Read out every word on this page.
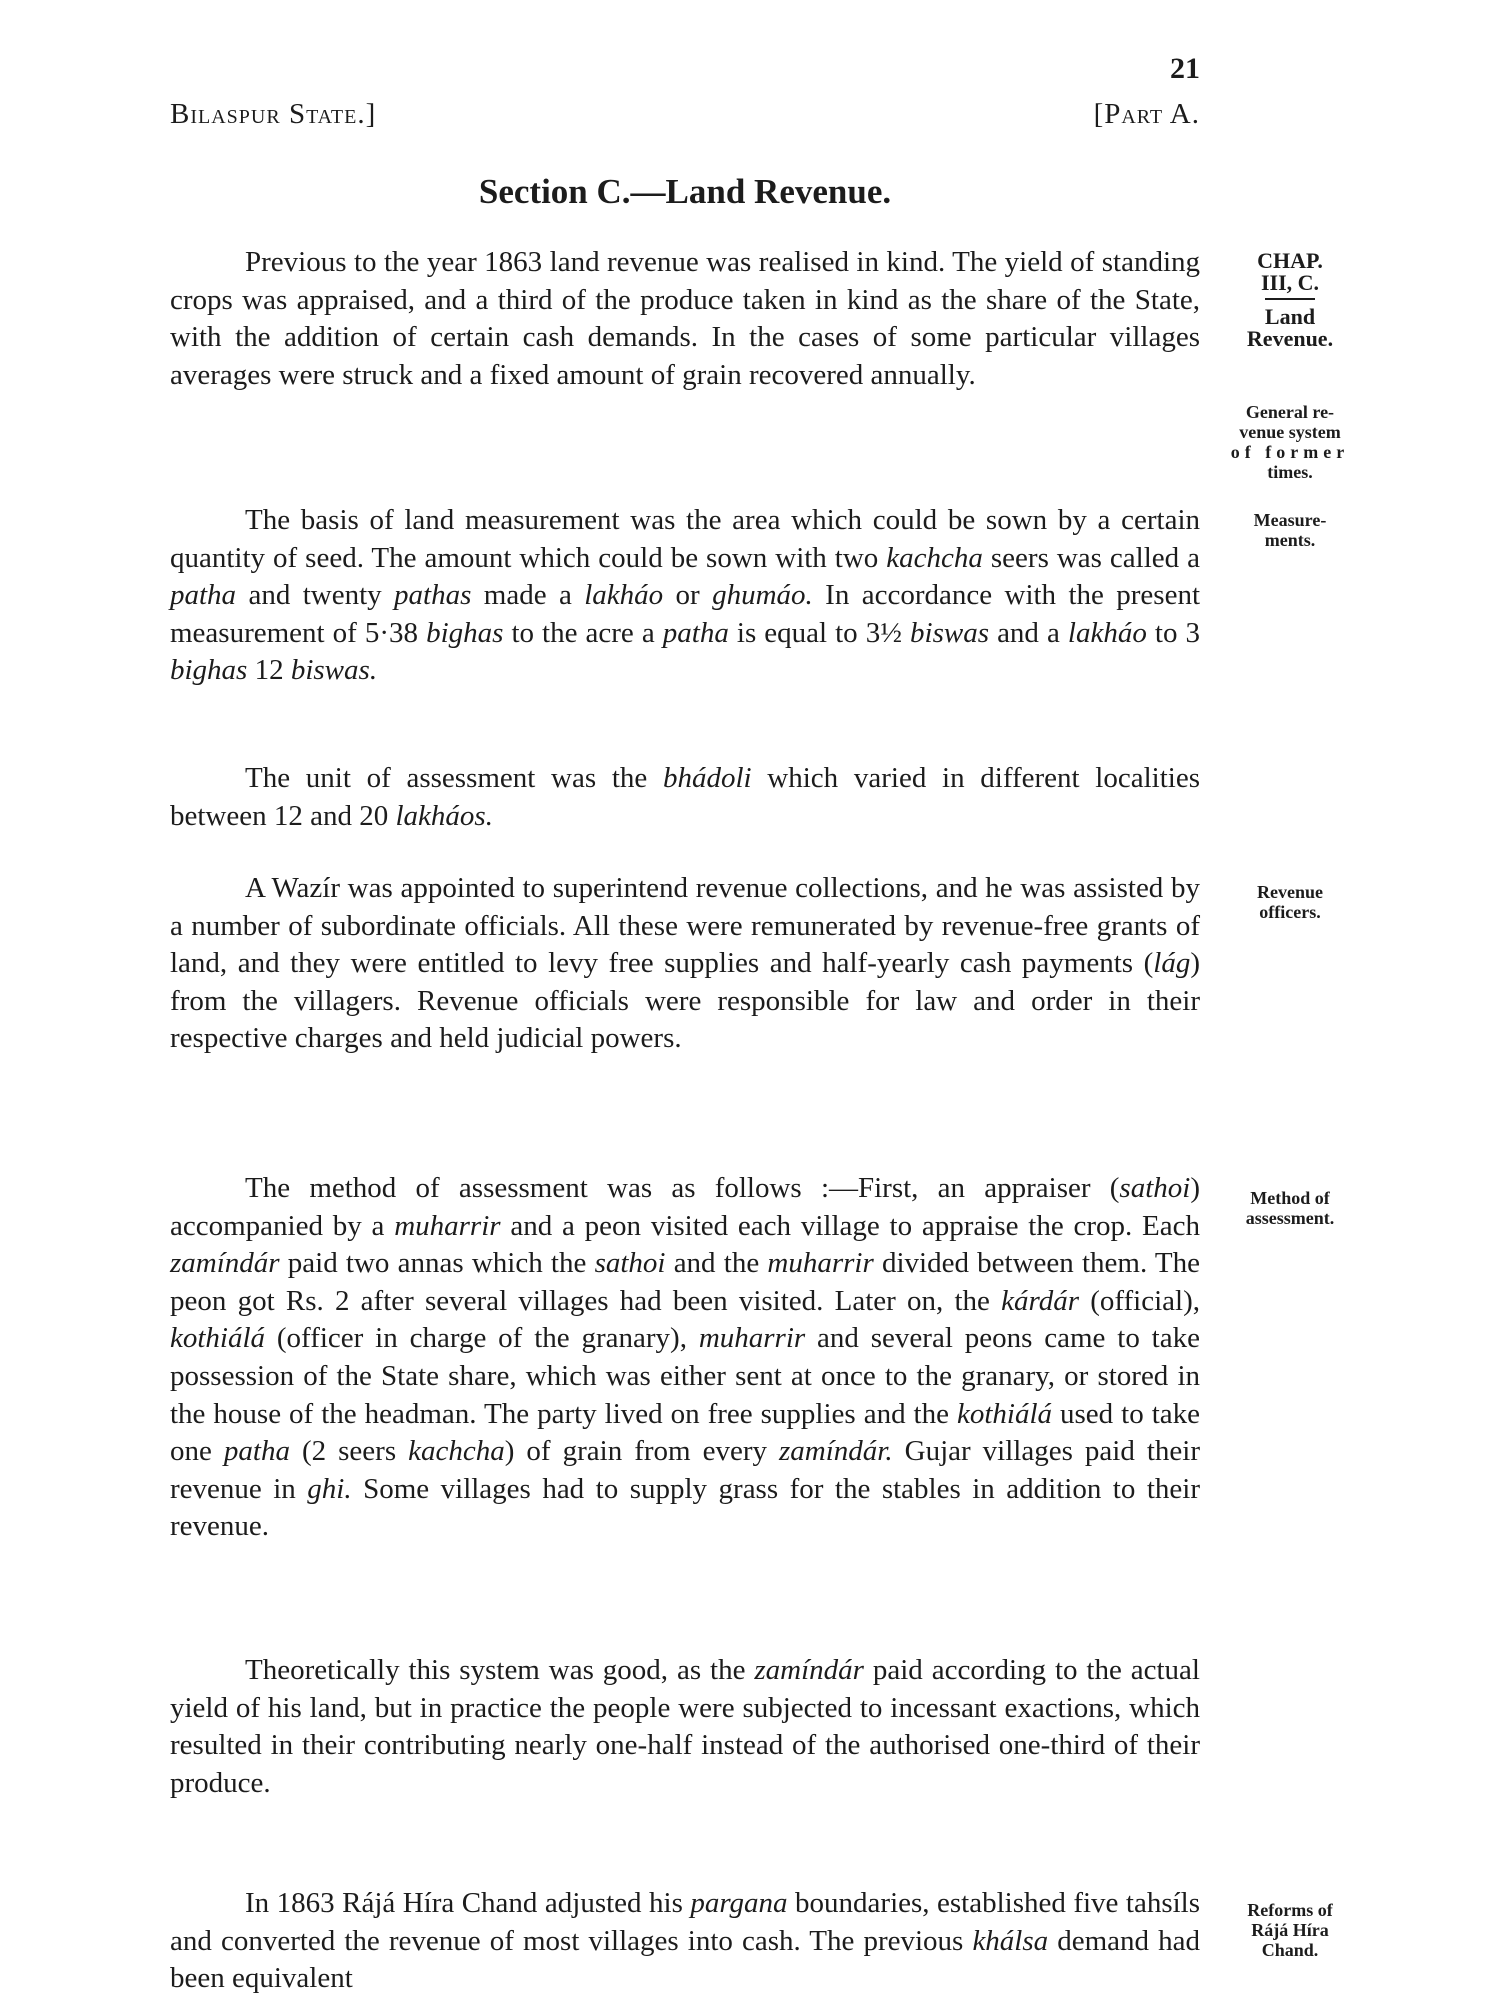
21
Bilaspur State.]	[Part A.
Section C.—Land Revenue.

Previous to the year 1863 land revenue was realised in kind. The yield of standing crops was appraised, and a third of the produce taken in kind as the share of the State, with the addition of certain cash demands. In the cases of some particular villages averages were struck and a fixed amount of grain recovered annually.

The basis of land measurement was the area which could be sown by a certain quantity of seed. The amount which could be sown with two kachcha seers was called a patha and twenty pathas made a lakháo or ghumáo. In accordance with the present measurement of 5·38 bighas to the acre a patha is equal to 3½ biswas and a lakháo to 3 bighas 12 biswas.

The unit of assessment was the bhádoli which varied in different localities between 12 and 20 lakháos.

A Wazír was appointed to superintend revenue collections, and he was assisted by a number of subordinate officials. All these were remunerated by revenue-free grants of land, and they were entitled to levy free supplies and half-yearly cash payments (lág) from the villagers. Revenue officials were responsible for law and order in their respective charges and held judicial powers.

The method of assessment was as follows :—First, an appraiser (sathoi) accompanied by a muharrir and a peon visited each village to appraise the crop. Each zamíndár paid two annas which the sathoi and the muharrir divided between them. The peon got Rs. 2 after several villages had been visited. Later on, the kárdár (official), kothiálá (officer in charge of the granary), muharrir and several peons came to take possession of the State share, which was either sent at once to the granary, or stored in the house of the headman. The party lived on free supplies and the kothiálá used to take one patha (2 seers kachcha) of grain from every zamíndár. Gujar villages paid their revenue in ghi. Some villages had to supply grass for the stables in addition to their revenue.

Theoretically this system was good, as the zamíndár paid according to the actual yield of his land, but in practice the people were subjected to incessant exactions, which resulted in their contributing nearly one-half instead of the authorised one-third of their produce.

In 1863 Rájá Híra Chand adjusted his pargana boundaries, established five tahsíls and converted the revenue of most villages into cash. The previous khálsa demand had been equivalent

CHAP.
III, C.
Land
Revenue.
General re-
venue system
of former
times.
Measure-
ments.
Revenue
officers.
Method of
assessment.
Reforms of
Rájá Híra
Chand.
